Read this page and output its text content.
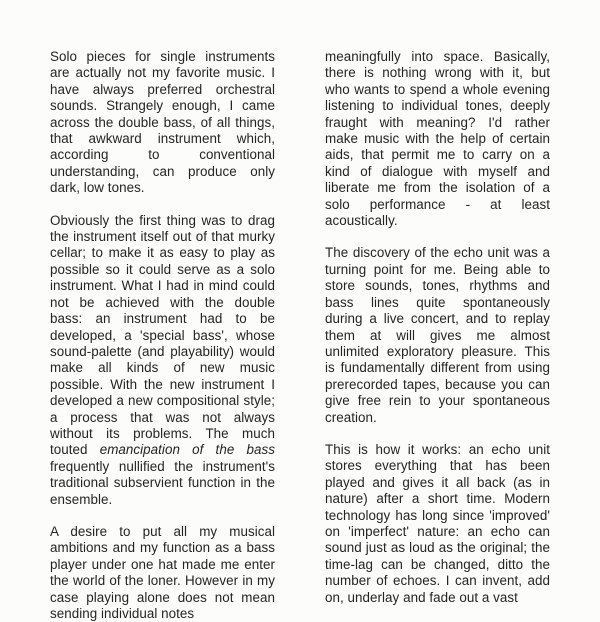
Solo pieces for single instruments are actually not my favorite music. I have always preferred orchestral sounds. Strangely enough, I came across the double bass, of all things, that awkward instrument which, according to conventional understanding, can produce only dark, low tones.

Obviously the first thing was to drag the instrument itself out of that murky cellar; to make it as easy to play as possible so it could serve as a solo instrument. What I had in mind could not be achieved with the double bass: an instrument had to be developed, a 'special bass', whose sound-palette (and playability) would make all kinds of new music possible. With the new instrument I developed a new compositional style; a process that was not always without its problems. The much touted emancipation of the bass frequently nullified the instrument's traditional subservient function in the ensemble.

A desire to put all my musical ambitions and my function as a bass player under one hat made me enter the world of the loner. However in my case playing alone does not mean sending individual notes

meaningfully into space. Basically, there is nothing wrong with it, but who wants to spend a whole evening listening to individual tones, deeply fraught with meaning? I'd rather make music with the help of certain aids, that permit me to carry on a kind of dialogue with myself and liberate me from the isolation of a solo performance - at least acoustically.

The discovery of the echo unit was a turning point for me. Being able to store sounds, tones, rhythms and bass lines quite spontaneously during a live concert, and to replay them at will gives me almost unlimited exploratory pleasure. This is fundamentally different from using prerecorded tapes, because you can give free rein to your spontaneous creation.

This is how it works: an echo unit stores everything that has been played and gives it all back (as in nature) after a short time. Modern technology has long since 'improved' on 'imperfect' nature: an echo can sound just as loud as the original; the time-lag can be changed, ditto the number of echoes. I can invent, add on, underlay and fade out a vast
